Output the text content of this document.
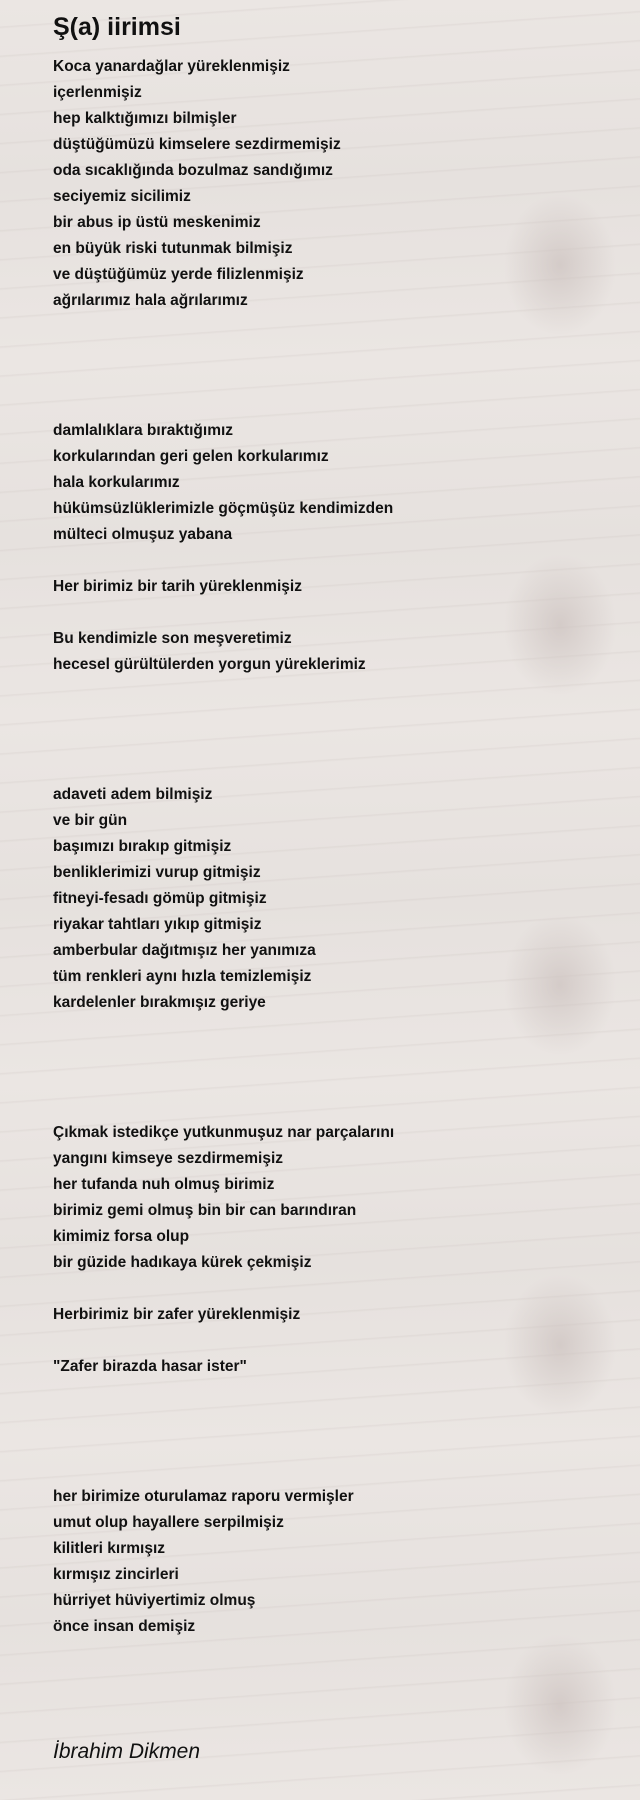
Ş(a) iirimsi
Koca yanardağlar yüreklenmişiz
içerlenmişiz
hep kalktığımızı bilmişler
düştüğümüzü kimselere sezdirmemişiz
oda sıcaklığında bozulmaz sandığımız
seciyemiz sicilimiz
bir abus ip üstü meskenimiz
en büyük riski tutunmak bilmişiz
ve düştüğümüz yerde filizlenmişiz
ağrılarımız hala ağrılarımız
damlalıklara bıraktığımız
korkularından geri gelen korkularımız
hala korkularımız
hükümsüzlüklerimizle göçmüşüz kendimizden
mülteci olmuşuz yabana
Her birimiz bir tarih yüreklenmişiz
Bu kendimizle son meşveretimiz
hecesel gürültülerden yorgun yüreklerimiz
adaveti adem bilmişiz
ve bir gün
başımızı bırakıp gitmişiz
benliklerimizi vurup gitmişiz
fitneyi-fesadı gömüp gitmişiz
riyakar tahtları yıkıp gitmişiz
amberbular dağıtmışız her yanımıza
tüm renkleri aynı hızla temizlemişiz
kardelenler bırakmışız geriye
Çıkmak istedikçe yutkunmuşuz nar parçalarını
yangını kimseye sezdirmemişiz
her tufanda nuh olmuş birimiz
birimiz gemi olmuş bin bir can barındıran
kimimiz forsa olup
bir güzide hadıkaya kürek çekmişiz
Herbirimiz bir zafer yüreklenmişiz
"Zafer birazda hasar ister"
her birimize oturulamaz raporu vermişler
umut olup hayallere serpilmişiz
kilitleri kırmışız
kırmışız zincirleri
hürriyet hüviyertimiz olmuş
önce insan demişiz
İbrahim Dikmen
